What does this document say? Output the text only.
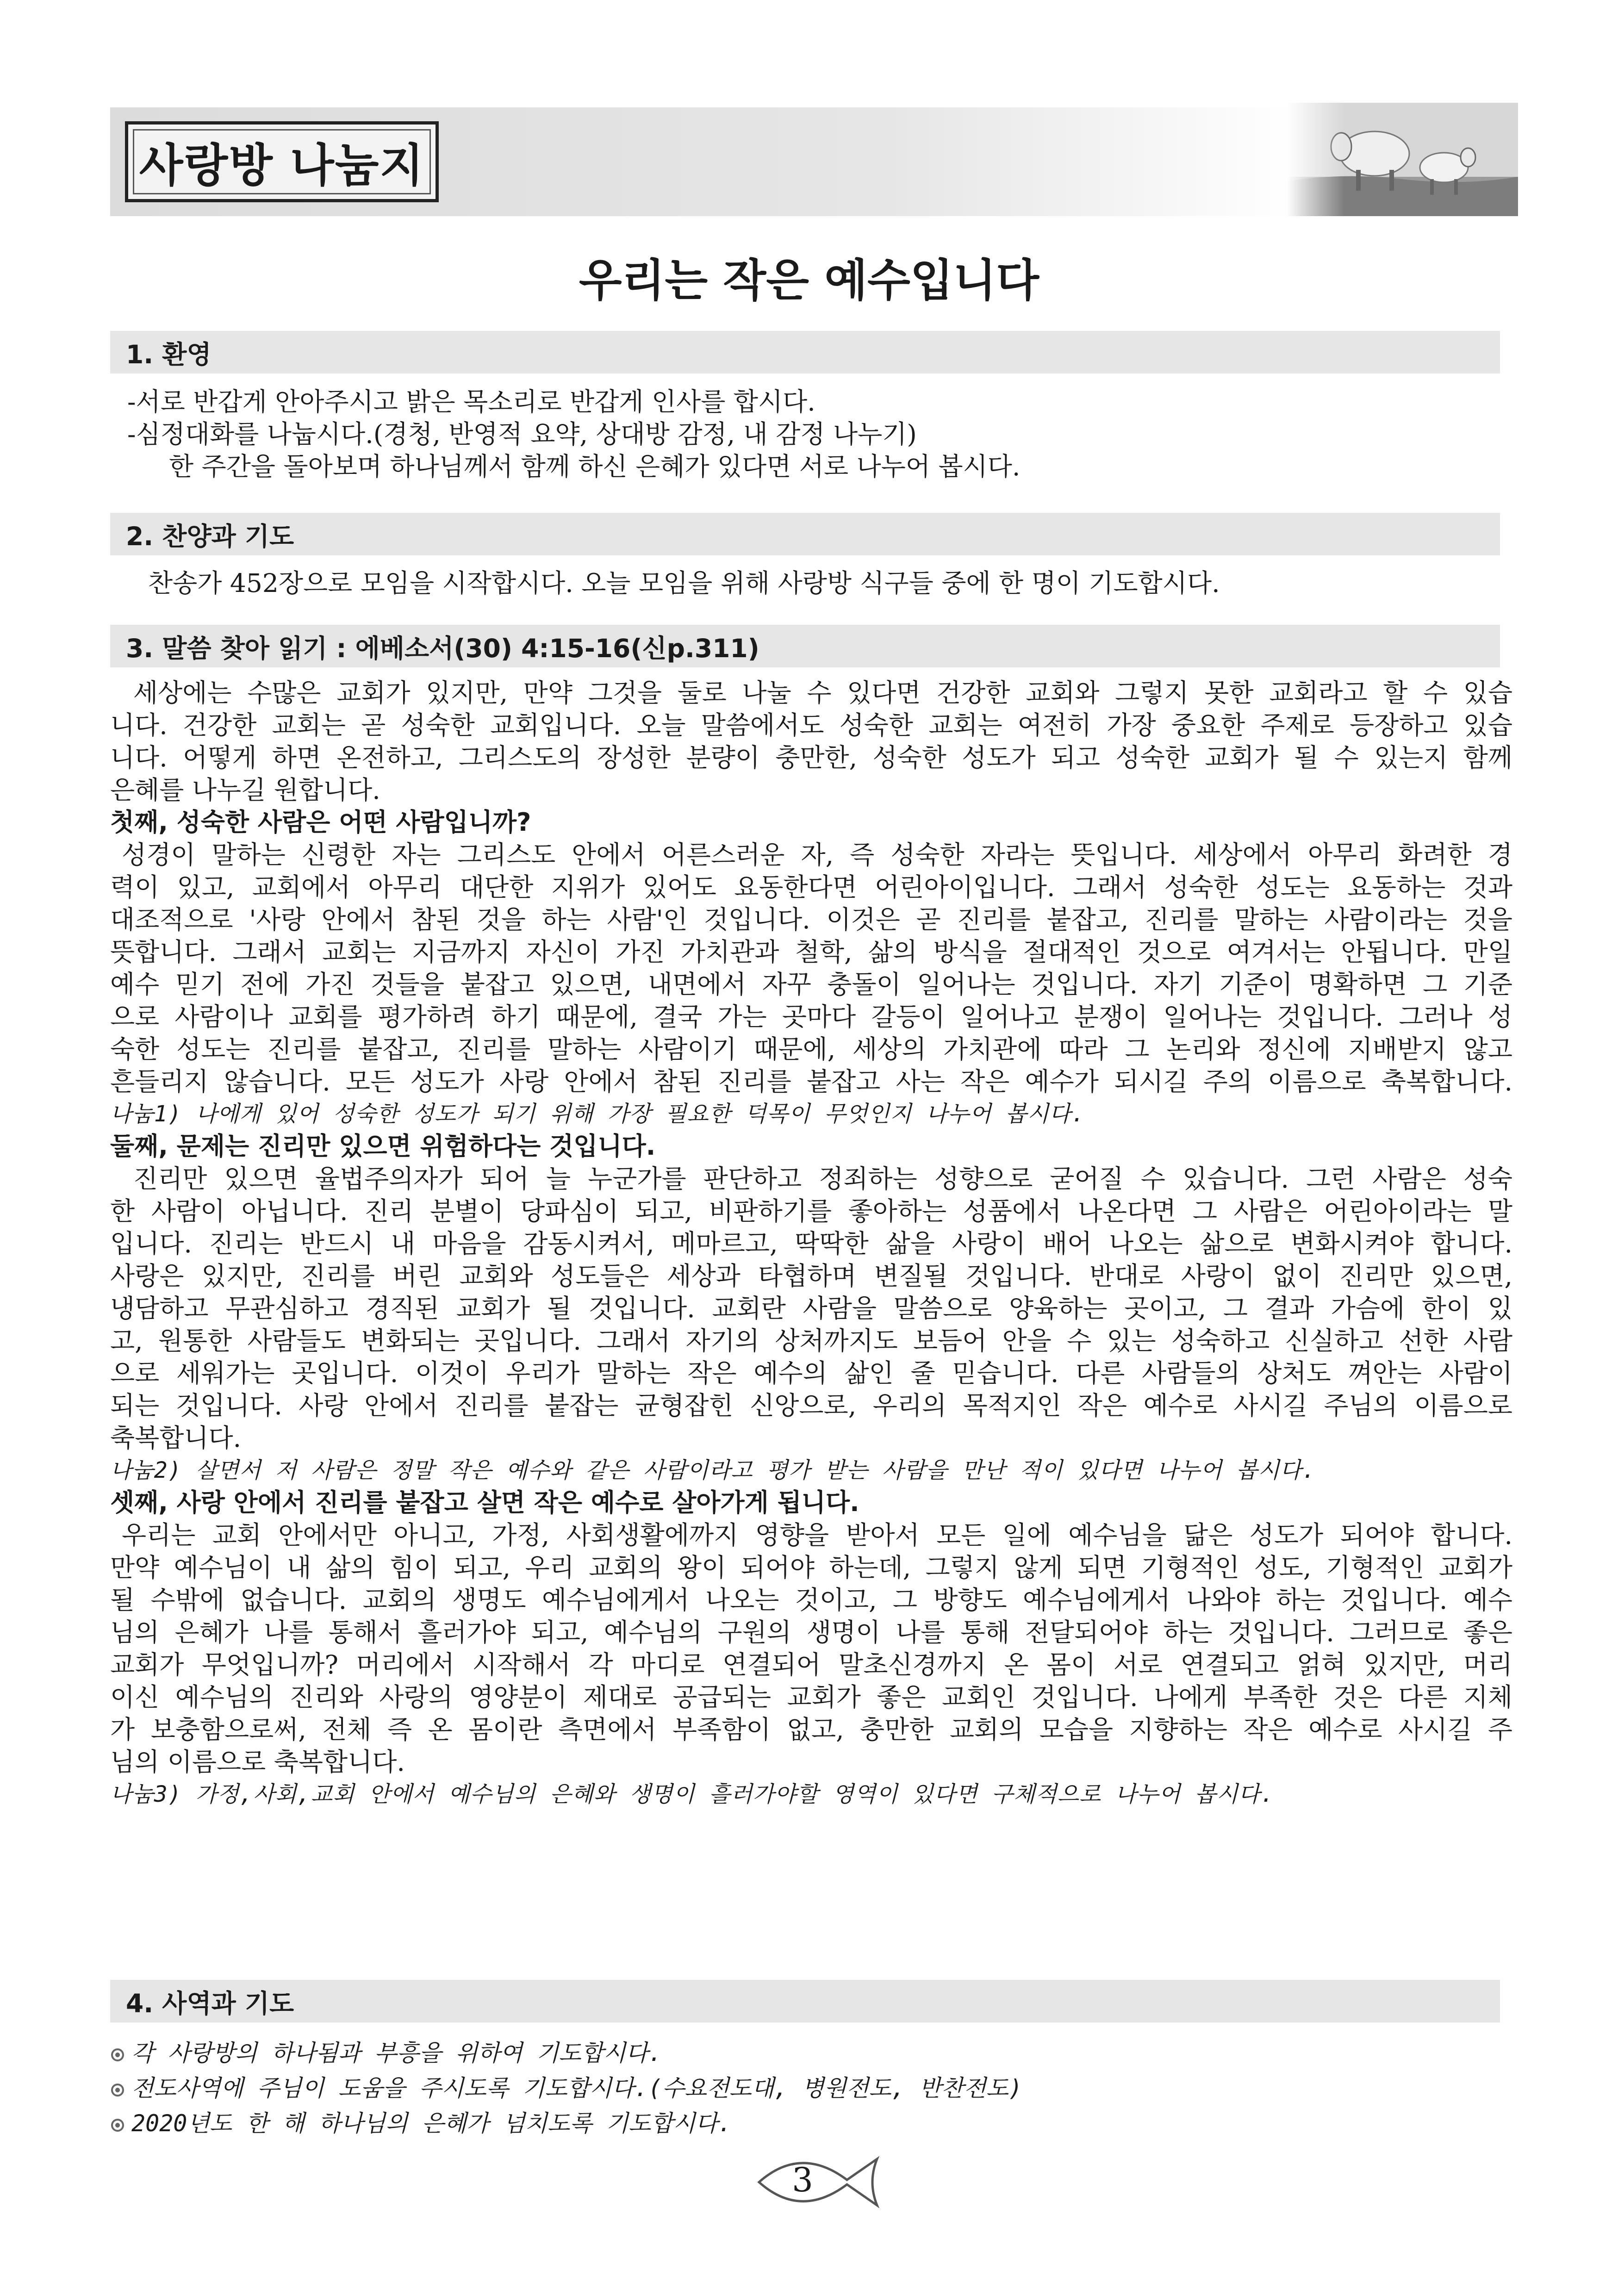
사랑방 나눔지
우리는 작은 예수입니다
1. 환영
-서로 반갑게 안아주시고 밝은 목소리로 반갑게 인사를 합시다.
-심정대화를 나눕시다.(경청, 반영적 요약, 상대방 감정, 내 감정 나누기)
한 주간을 돌아보며 하나님께서 함께 하신 은혜가 있다면 서로 나누어 봅시다.
2. 찬양과 기도
찬송가 452장으로 모임을 시작합시다. 오늘 모임을 위해 사랑방 식구들 중에 한 명이 기도합시다.
3. 말씀 찾아 읽기 : 에베소서(30) 4:15-16(신p.311)
세상에는 수많은 교회가 있지만, 만약 그것을 둘로 나눌 수 있다면 건강한 교회와 그렇지 못한 교회라고 할 수 있습
니다. 건강한 교회는 곧 성숙한 교회입니다. 오늘 말씀에서도 성숙한 교회는 여전히 가장 중요한 주제로 등장하고 있습
니다. 어떻게 하면 온전하고, 그리스도의 장성한 분량이 충만한, 성숙한 성도가 되고 성숙한 교회가 될 수 있는지 함께
은혜를 나누길 원합니다.
첫째, 성숙한 사람은 어떤 사람입니까?
성경이 말하는 신령한 자는 그리스도 안에서 어른스러운 자, 즉 성숙한 자라는 뜻입니다. 세상에서 아무리 화려한 경
력이 있고, 교회에서 아무리 대단한 지위가 있어도 요동한다면 어린아이입니다. 그래서 성숙한 성도는 요동하는 것과
대조적으로 '사랑 안에서 참된 것을 하는 사람'인 것입니다. 이것은 곧 진리를 붙잡고, 진리를 말하는 사람이라는 것을
뜻합니다. 그래서 교회는 지금까지 자신이 가진 가치관과 철학, 삶의 방식을 절대적인 것으로 여겨서는 안됩니다. 만일
예수 믿기 전에 가진 것들을 붙잡고 있으면, 내면에서 자꾸 충돌이 일어나는 것입니다. 자기 기준이 명확하면 그 기준
으로 사람이나 교회를 평가하려 하기 때문에, 결국 가는 곳마다 갈등이 일어나고 분쟁이 일어나는 것입니다. 그러나 성
숙한 성도는 진리를 붙잡고, 진리를 말하는 사람이기 때문에, 세상의 가치관에 따라 그 논리와 정신에 지배받지 않고
흔들리지 않습니다. 모든 성도가 사랑 안에서 참된 진리를 붙잡고 사는 작은 예수가 되시길 주의 이름으로 축복합니다.
나눔1) 나에게 있어 성숙한 성도가 되기 위해 가장 필요한 덕목이 무엇인지 나누어 봅시다.
둘째, 문제는 진리만 있으면 위험하다는 것입니다.
진리만 있으면 율법주의자가 되어 늘 누군가를 판단하고 정죄하는 성향으로 굳어질 수 있습니다. 그런 사람은 성숙
한 사람이 아닙니다. 진리 분별이 당파심이 되고, 비판하기를 좋아하는 성품에서 나온다면 그 사람은 어린아이라는 말
입니다. 진리는 반드시 내 마음을 감동시켜서, 메마르고, 딱딱한 삶을 사랑이 배어 나오는 삶으로 변화시켜야 합니다.
사랑은 있지만, 진리를 버린 교회와 성도들은 세상과 타협하며 변질될 것입니다. 반대로 사랑이 없이 진리만 있으면,
냉담하고 무관심하고 경직된 교회가 될 것입니다. 교회란 사람을 말씀으로 양육하는 곳이고, 그 결과 가슴에 한이 있
고, 원통한 사람들도 변화되는 곳입니다. 그래서 자기의 상처까지도 보듬어 안을 수 있는 성숙하고 신실하고 선한 사람
으로 세워가는 곳입니다. 이것이 우리가 말하는 작은 예수의 삶인 줄 믿습니다. 다른 사람들의 상처도 껴안는 사람이
되는 것입니다. 사랑 안에서 진리를 붙잡는 균형잡힌 신앙으로, 우리의 목적지인 작은 예수로 사시길 주님의 이름으로
축복합니다.
나눔2) 살면서 저 사람은 정말 작은 예수와 같은 사람이라고 평가 받는 사람을 만난 적이 있다면 나누어 봅시다.
셋째, 사랑 안에서 진리를 붙잡고 살면 작은 예수로 살아가게 됩니다.
우리는 교회 안에서만 아니고, 가정, 사회생활에까지 영향을 받아서 모든 일에 예수님을 닮은 성도가 되어야 합니다.
만약 예수님이 내 삶의 힘이 되고, 우리 교회의 왕이 되어야 하는데, 그렇지 않게 되면 기형적인 성도, 기형적인 교회가
될 수밖에 없습니다. 교회의 생명도 예수님에게서 나오는 것이고, 그 방향도 예수님에게서 나와야 하는 것입니다. 예수
님의 은혜가 나를 통해서 흘러가야 되고, 예수님의 구원의 생명이 나를 통해 전달되어야 하는 것입니다. 그러므로 좋은
교회가 무엇입니까? 머리에서 시작해서 각 마디로 연결되어 말초신경까지 온 몸이 서로 연결되고 얽혀 있지만, 머리
이신 예수님의 진리와 사랑의 영양분이 제대로 공급되는 교회가 좋은 교회인 것입니다. 나에게 부족한 것은 다른 지체
가 보충함으로써, 전체 즉 온 몸이란 측면에서 부족함이 없고, 충만한 교회의 모습을 지향하는 작은 예수로 사시길 주
님의 이름으로 축복합니다.
나눔3) 가정,사회,교회 안에서 예수님의 은혜와 생명이 흘러가야할 영역이 있다면 구체적으로 나누어 봅시다.
4. 사역과 기도
각 사랑방의 하나됨과 부흥을 위하여 기도합시다.
전도사역에 주님이 도움을 주시도록 기도합시다.(수요전도대, 병원전도, 반찬전도)
2020년도 한 해 하나님의 은혜가 넘치도록 기도합시다.
3
